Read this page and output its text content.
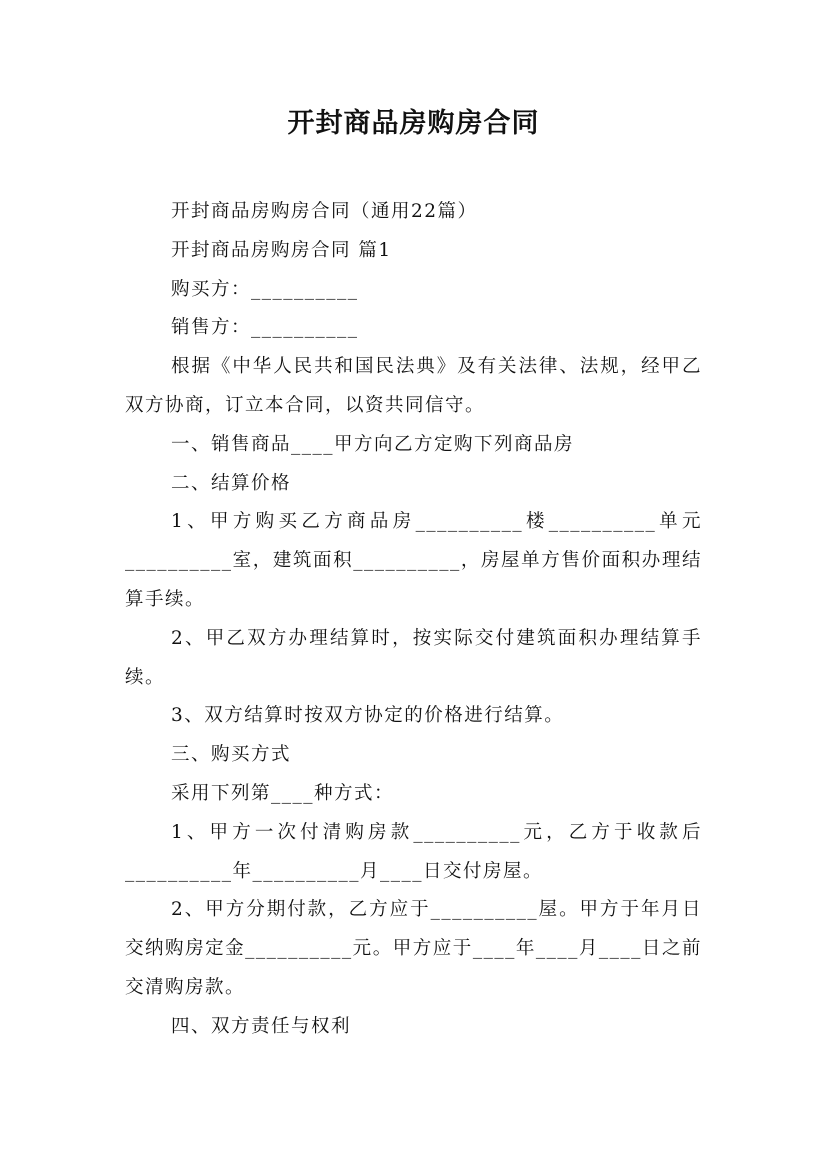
开封商品房购房合同

开封商品房购房合同（通用22篇）

开封商品房购房合同 篇1

购买方：__________

销售方：__________

根据《中华人民共和国民法典》及有关法律、法规，经甲乙双方协商，订立本合同，以资共同信守。

一、销售商品____甲方向乙方定购下列商品房

二、结算价格

1、甲方购买乙方商品房__________楼__________单元__________室，建筑面积__________，房屋单方售价面积办理结算手续。

2、甲乙双方办理结算时，按实际交付建筑面积办理结算手续。

3、双方结算时按双方协定的价格进行结算。

三、购买方式

采用下列第____种方式：

1、甲方一次付清购房款__________元，乙方于收款后__________年__________月____日交付房屋。

2、甲方分期付款，乙方应于__________屋。甲方于年月日交纳购房定金__________元。甲方应于____年____月____日之前交清购房款。

四、双方责任与权利
